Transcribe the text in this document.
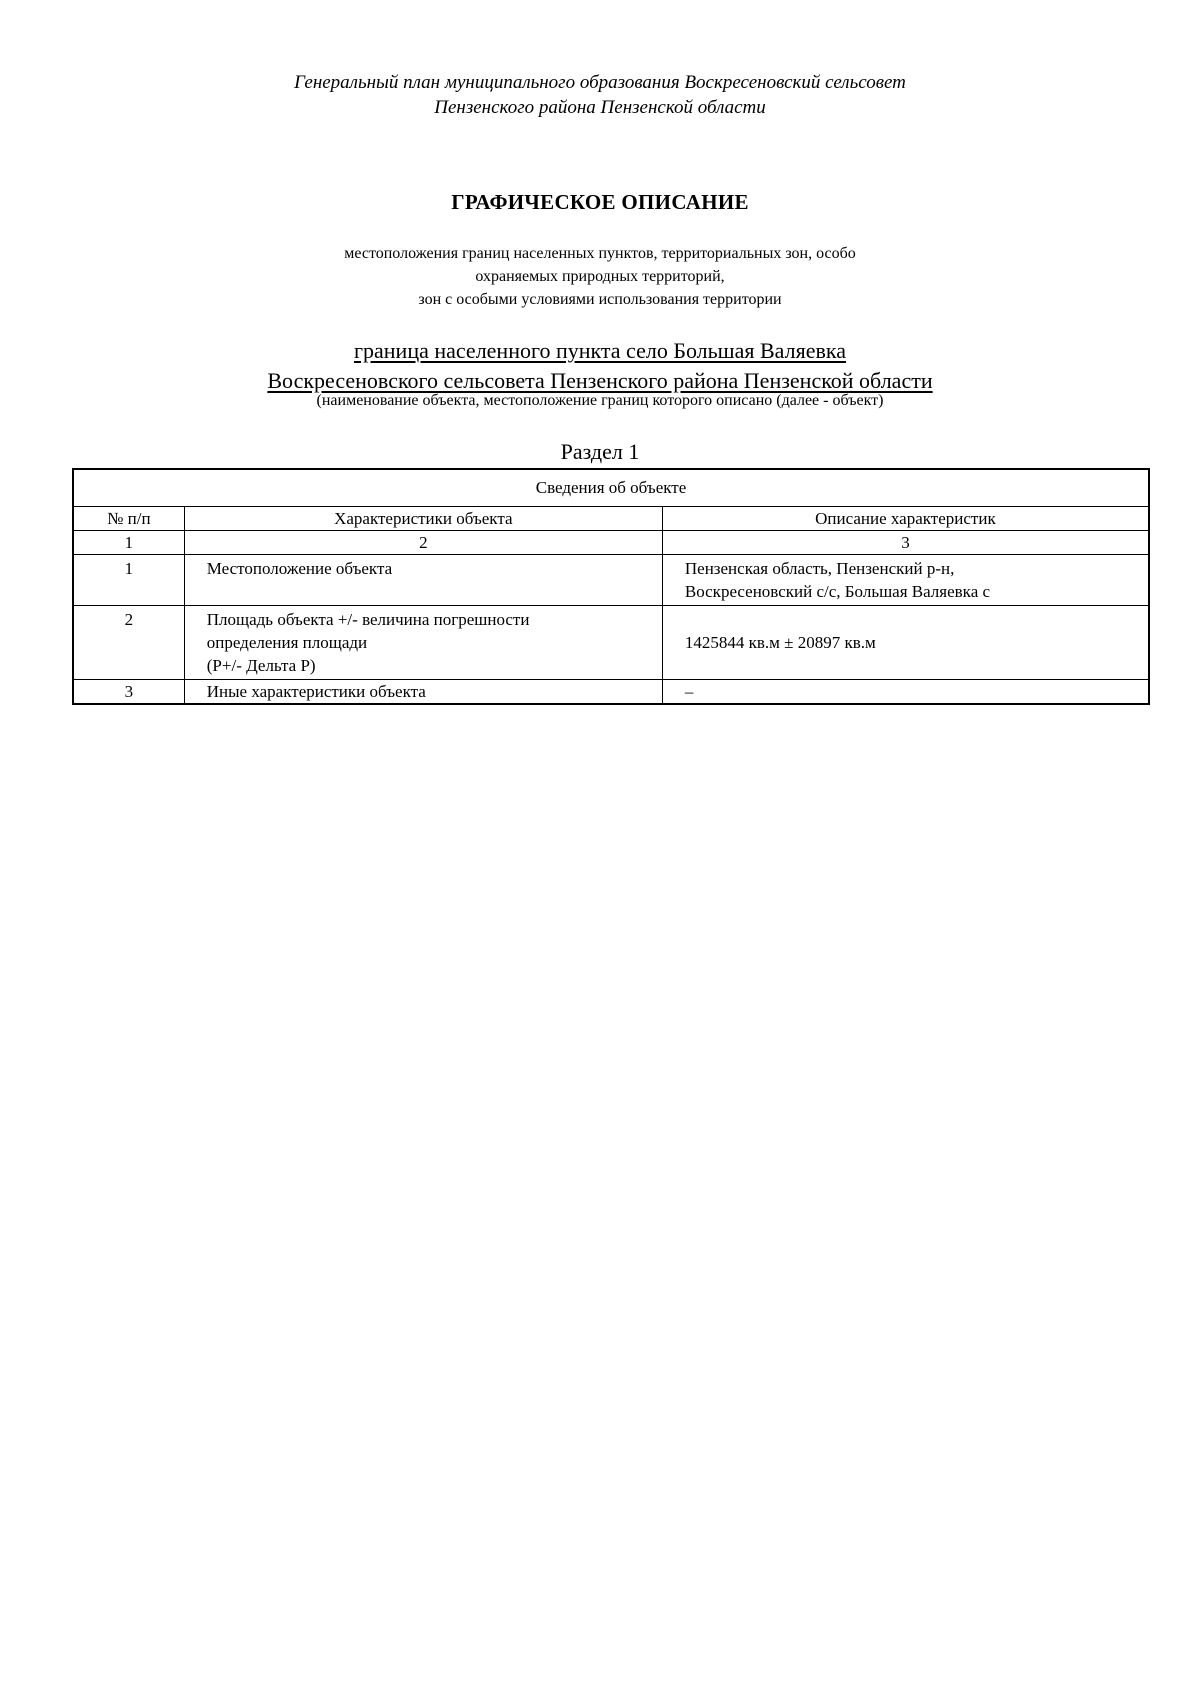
Генеральный план муниципального образования Воскресеновский сельсовет
Пензенского района Пензенской области
ГРАФИЧЕСКОЕ ОПИСАНИЕ
местоположения границ населенных пунктов, территориальных зон, особо
охраняемых природных территорий,
зон с особыми условиями использования территории
граница населенного пункта село Большая Валяевка
Воскресеновского сельсовета Пензенского района Пензенской области
(наименование объекта, местоположение границ которого описано (далее - объект)
Раздел 1
Сведения об объекте		
№ п/п	Характеристики объекта	Описание характеристик
1	2	3

1	Местоположение объекта	Пензенская область, Пензенский р-н,
Воскресеновский с/с, Большая Валяевка с

2	Площадь объекта +/- величина погрешности
определения площади
(Р+/- Дельта Р)	1425844 кв.м ± 20897 кв.м

3	Иные характеристики объекта	–
